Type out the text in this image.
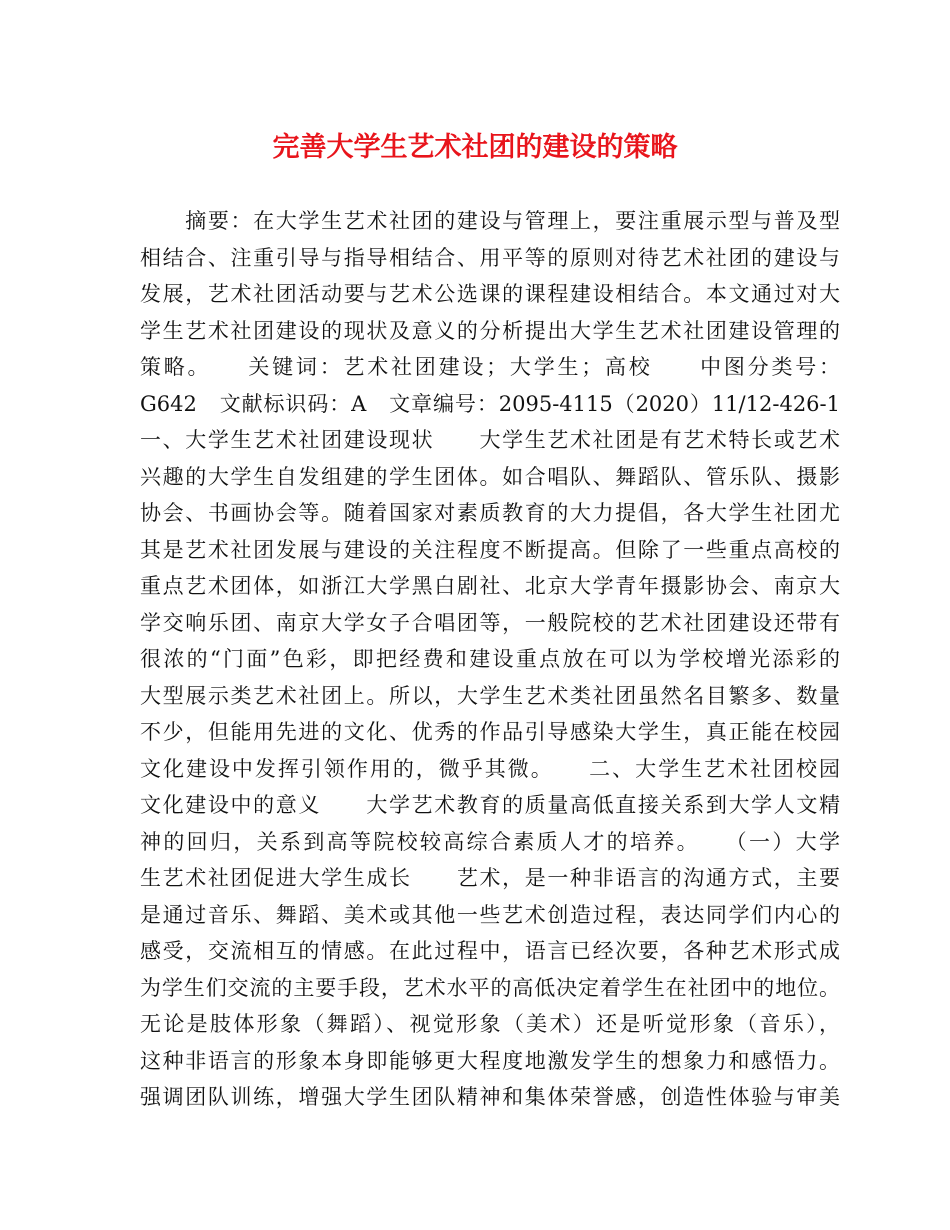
完善大学生艺术社团的建设的策略
　　摘要：在大学生艺术社团的建设与管理上，要注重展示型与普及型
相结合、注重引导与指导相结合、用平等的原则对待艺术社团的建设与
发展，艺术社团活动要与艺术公选课的课程建设相结合。本文通过对大
学生艺术社团建设的现状及意义的分析提出大学生艺术社团建设管理的
策略。　　关键词：艺术社团建设；大学生；高校　　中图分类号：
G642　文献标识码：A　文章编号：2095-4115（2020）11/12-426-1
一、大学生艺术社团建设现状　　大学生艺术社团是有艺术特长或艺术
兴趣的大学生自发组建的学生团体。如合唱队、舞蹈队、管乐队、摄影
协会、书画协会等。随着国家对素质教育的大力提倡，各大学生社团尤
其是艺术社团发展与建设的关注程度不断提高。但除了一些重点高校的
重点艺术团体，如浙江大学黑白剧社、北京大学青年摄影协会、南京大
学交响乐团、南京大学女子合唱团等，一般院校的艺术社团建设还带有
很浓的“门面”色彩，即把经费和建设重点放在可以为学校增光添彩的
大型展示类艺术社团上。所以，大学生艺术类社团虽然名目繁多、数量
不少，但能用先进的文化、优秀的作品引导感染大学生，真正能在校园
文化建设中发挥引领作用的，微乎其微。　　二、大学生艺术社团校园
文化建设中的意义　　大学艺术教育的质量高低直接关系到大学人文精
神的回归，关系到高等院校较高综合素质人才的培养。　　（一）大学
生艺术社团促进大学生成长　　艺术，是一种非语言的沟通方式，主要
是通过音乐、舞蹈、美术或其他一些艺术创造过程，表达同学们内心的
感受，交流相互的情感。在此过程中，语言已经次要，各种艺术形式成
为学生们交流的主要手段，艺术水平的高低决定着学生在社团中的地位。
无论是肢体形象（舞蹈）、视觉形象（美术）还是听觉形象（音乐），
这种非语言的形象本身即能够更大程度地激发学生的想象力和感悟力。
强调团队训练，增强大学生团队精神和集体荣誉感，创造性体验与审美
